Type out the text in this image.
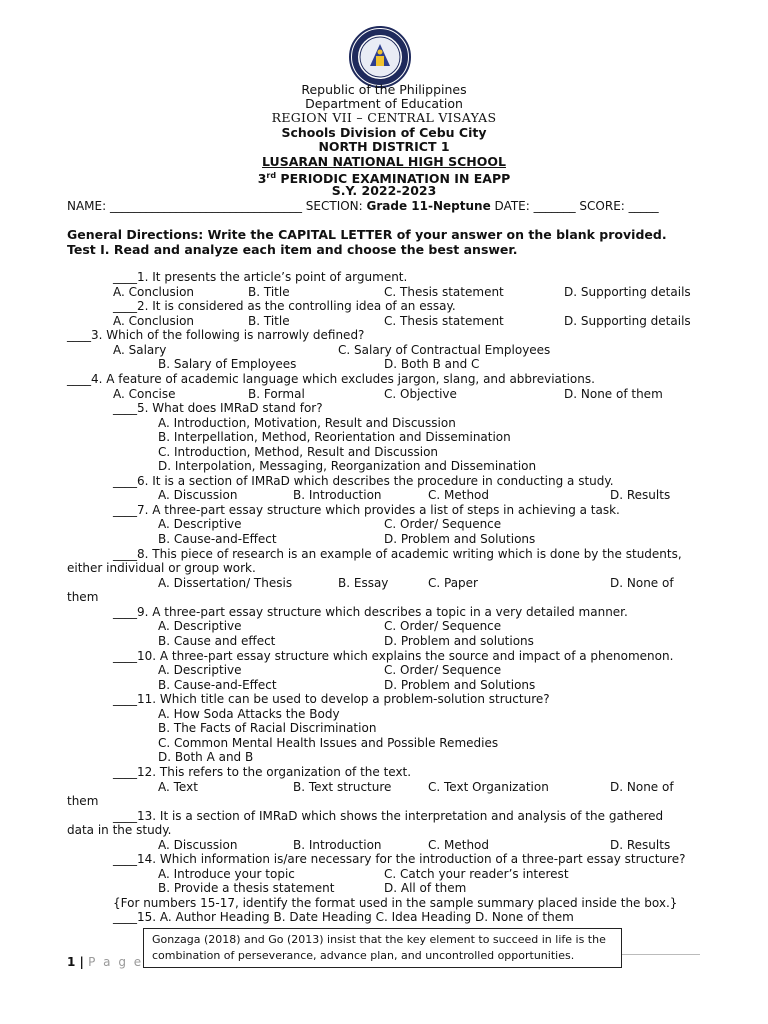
Republic of the Philippines
Department of Education
REGION VII – CENTRAL VISAYAS
Schools Division of Cebu City
NORTH DISTRICT 1
LUSARAN NATIONAL HIGH SCHOOL
3rd PERIODIC EXAMINATION IN EAPP
S.Y. 2022-2023
NAME: ________________________________ SECTION: Grade 11-Neptune DATE: _______ SCORE: _____
General Directions: Write the CAPITAL LETTER of your answer on the blank provided.
Test I. Read and analyze each item and choose the best answer.
____1. It presents the article’s point of argument.
A. Conclusion	B. Title	C. Thesis statement	D. Supporting details
____2. It is considered as the controlling idea of an essay.
A. Conclusion	B. Title	C. Thesis statement	D. Supporting details
____3. Which of the following is narrowly defined?
A. Salary	C. Salary of Contractual Employees
B. Salary of Employees	D. Both B and C
____4. A feature of academic language which excludes jargon, slang, and abbreviations.
A. Concise	B. Formal	C. Objective	D. None of them
____5. What does IMRaD stand for?
A. Introduction, Motivation, Result and Discussion
B. Interpellation, Method, Reorientation and Dissemination
C. Introduction, Method, Result and Discussion
D. Interpolation, Messaging, Reorganization and Dissemination
____6. It is a section of IMRaD which describes the procedure in conducting a study.
A. Discussion	B. Introduction	C. Method	D. Results
____7. A three-part essay structure which provides a list of steps in achieving a task.
A. Descriptive	C. Order/ Sequence
B. Cause-and-Effect	D. Problem and Solutions
____8. This piece of research is an example of academic writing which is done by the students,
either individual or group work.
A. Dissertation/ Thesis	B. Essay	C. Paper	D. None of
them
____9. A three-part essay structure which describes a topic in a very detailed manner.
A. Descriptive	C. Order/ Sequence
B. Cause and effect	D. Problem and solutions
____10. A three-part essay structure which explains the source and impact of a phenomenon.
A. Descriptive	C. Order/ Sequence
B. Cause-and-Effect	D. Problem and Solutions
____11. Which title can be used to develop a problem-solution structure?
A. How Soda Attacks the Body
B. The Facts of Racial Discrimination
C. Common Mental Health Issues and Possible Remedies
D. Both A and B
____12. This refers to the organization of the text.
A. Text	B. Text structure	C. Text Organization	D. None of
them
____13. It is a section of IMRaD which shows the interpretation and analysis of the gathered
data in the study.
A. Discussion	B. Introduction	C. Method	D. Results
____14. Which information is/are necessary for the introduction of a three-part essay structure?
A. Introduce your topic	C. Catch your reader’s interest
B. Provide a thesis statement	D. All of them
{For numbers 15-17, identify the format used in the sample summary placed inside the box.}
____15. A. Author Heading B. Date Heading C. Idea Heading D. None of them
Gonzaga (2018) and Go (2013) insist that the key element to succeed in life is the
combination of perseverance, advance plan, and uncontrolled opportunities.
1 | P a g e
